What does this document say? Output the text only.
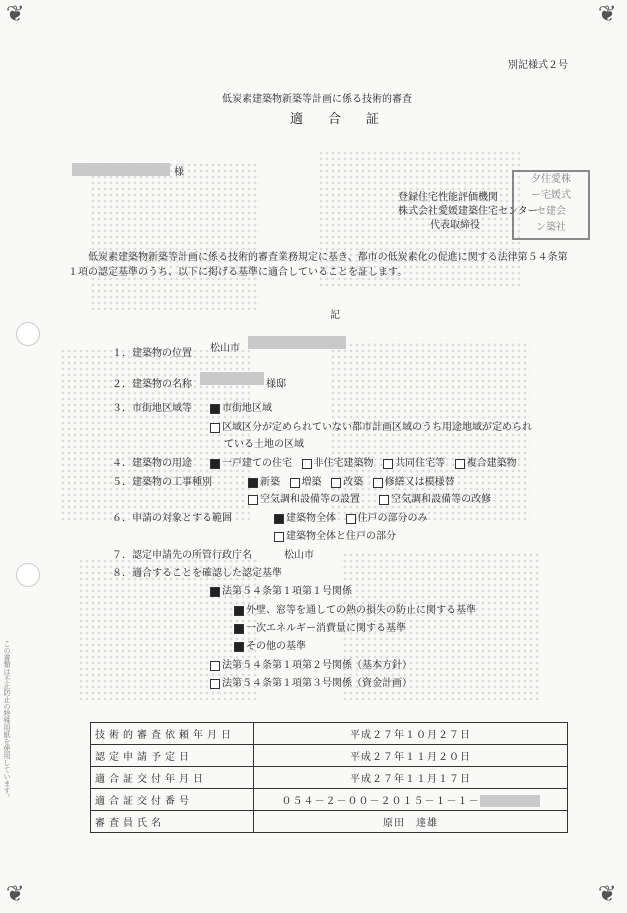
❦	❦
❦	❦
この書類は不正防止の特殊用紙を使用しています。
別記様式２号
低炭素建築物新築等計画に係る技術的審査
適　合　証
様
登録住宅性能評価機関
株式会社愛媛建築住宅センター
代表取締役　
夕住愛株
ー宅媛式
セ建会
ン築社
低炭素建築物新築等計画に係る技術的審査業務規定に基き、都市の低炭素化の促進に関する法律第５４条第１項の認定基準のうち、以下に掲げる基準に適合していることを証します。
記
１．建築物の位置 松山市
２．建築物の名称	様邸
３．市街地区域等	市街地区域
区域区分が定められていない都市計画区域のうち用途地域が定められ
ている土地の区域
４．建築物の用途	一戸建ての住宅 非住宅建築物 共同住宅等 複合建築物
５．建築物の工事種別	新築 増築 改築 修繕又は模様替
空気調和設備等の設置	空気調和設備等の改修
６．申請の対象とする範囲	建築物全体 住戸の部分のみ
建築物全体と住戸の部分
７．認定申請先の所管行政庁名	松山市
８．適合することを確認した認定基準
法第５４条第１項第１号関係
外壁、窓等を通しての熱の損失の防止に関する基準
一次エネルギー消費量に関する基準
その他の基準
法第５４条第１項第２号関係（基本方針）
法第５４条第１項第３号関係（資金計画）
技術的審査依頼年月日	平成２７年１０月２７日
認定申請予定日	平成２７年１１月２０日
適合証交付年月日	平成２７年１１月１７日
適合証交付番号	０５４－２－００－２０１５－１－１－
審査員氏名	原田　達雄
